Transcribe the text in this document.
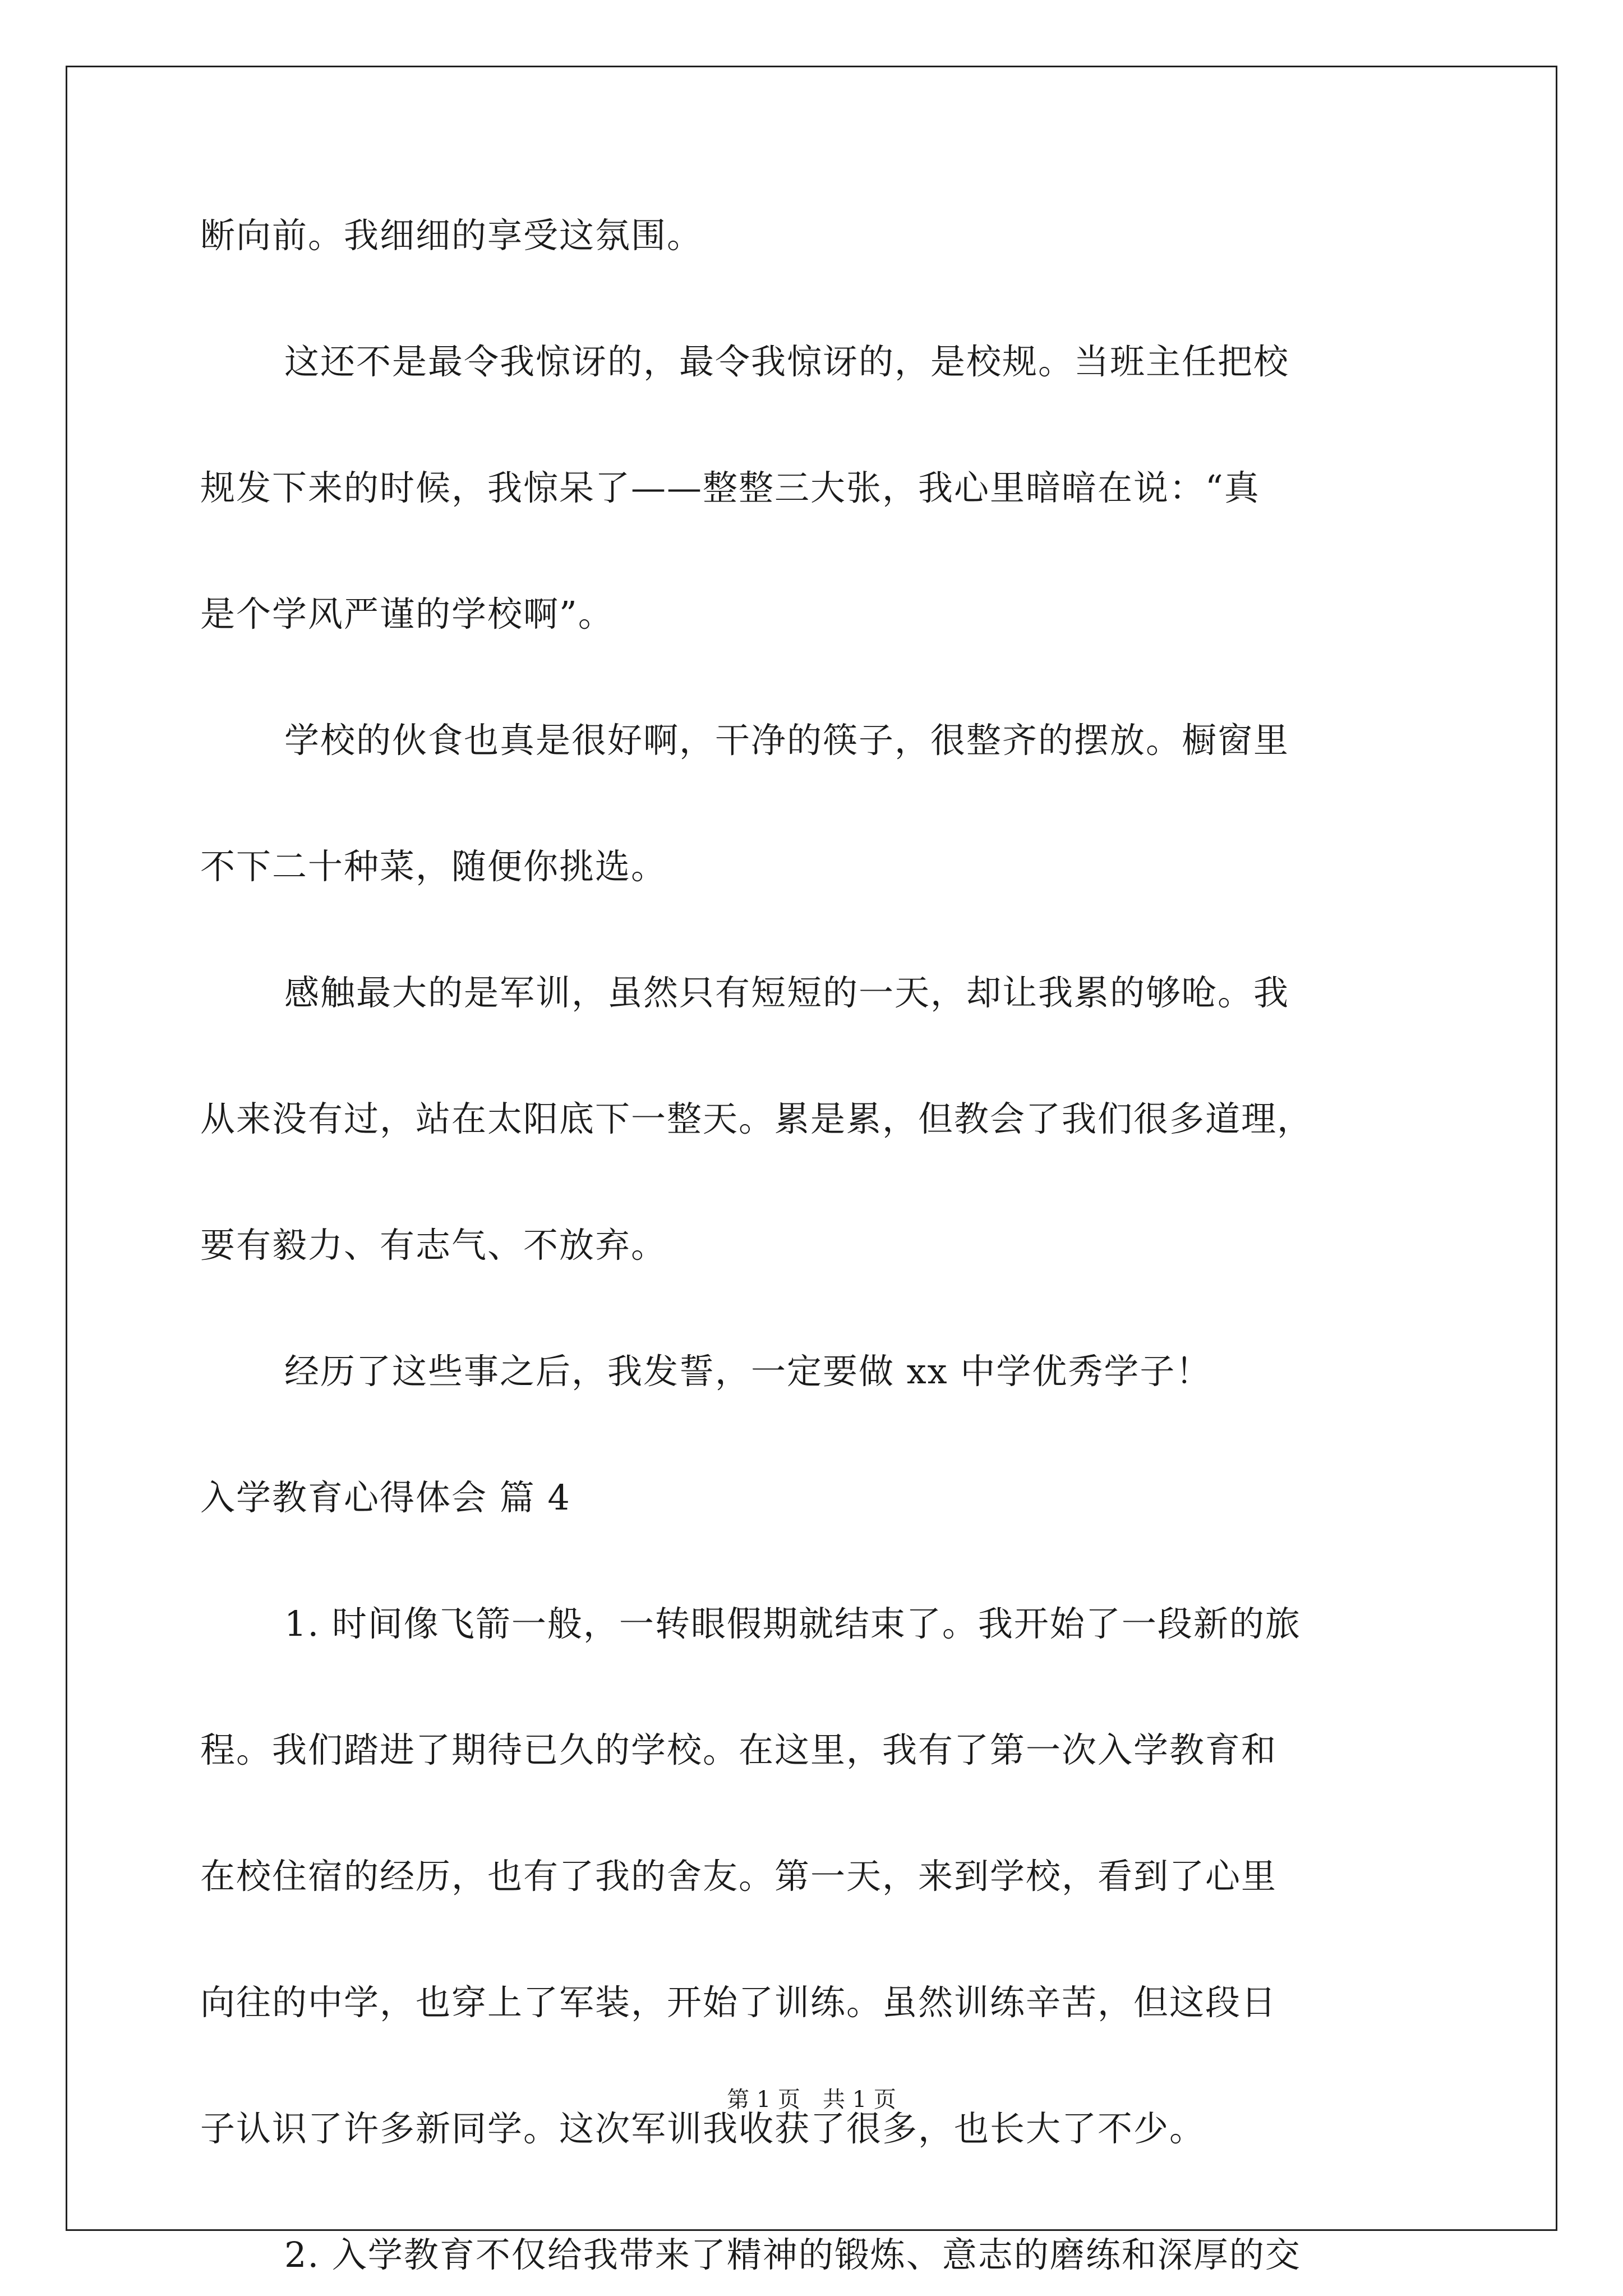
断向前。我细细的享受这氛围。
这还不是最令我惊讶的，最令我惊讶的，是校规。当班主任把校
规发下来的时候，我惊呆了——整整三大张，我心里暗暗在说：“真
是个学风严谨的学校啊”。
学校的伙食也真是很好啊，干净的筷子，很整齐的摆放。橱窗里
不下二十种菜，随便你挑选。
感触最大的是军训，虽然只有短短的一天，却让我累的够呛。我
从来没有过，站在太阳底下一整天。累是累，但教会了我们很多道理，
要有毅力、有志气、不放弃。
经历了这些事之后，我发誓，一定要做 xx 中学优秀学子！
入学教育心得体会 篇 4
1. 时间像飞箭一般，一转眼假期就结束了。我开始了一段新的旅
程。我们踏进了期待已久的学校。在这里，我有了第一次入学教育和
在校住宿的经历，也有了我的舍友。第一天，来到学校，看到了心里
向往的中学，也穿上了军装，开始了训练。虽然训练辛苦，但这段日
子认识了许多新同学。这次军训我收获了很多，也长大了不少。
2. 入学教育不仅给我带来了精神的锻炼、意志的磨练和深厚的交
第 1 页　共 1 页
